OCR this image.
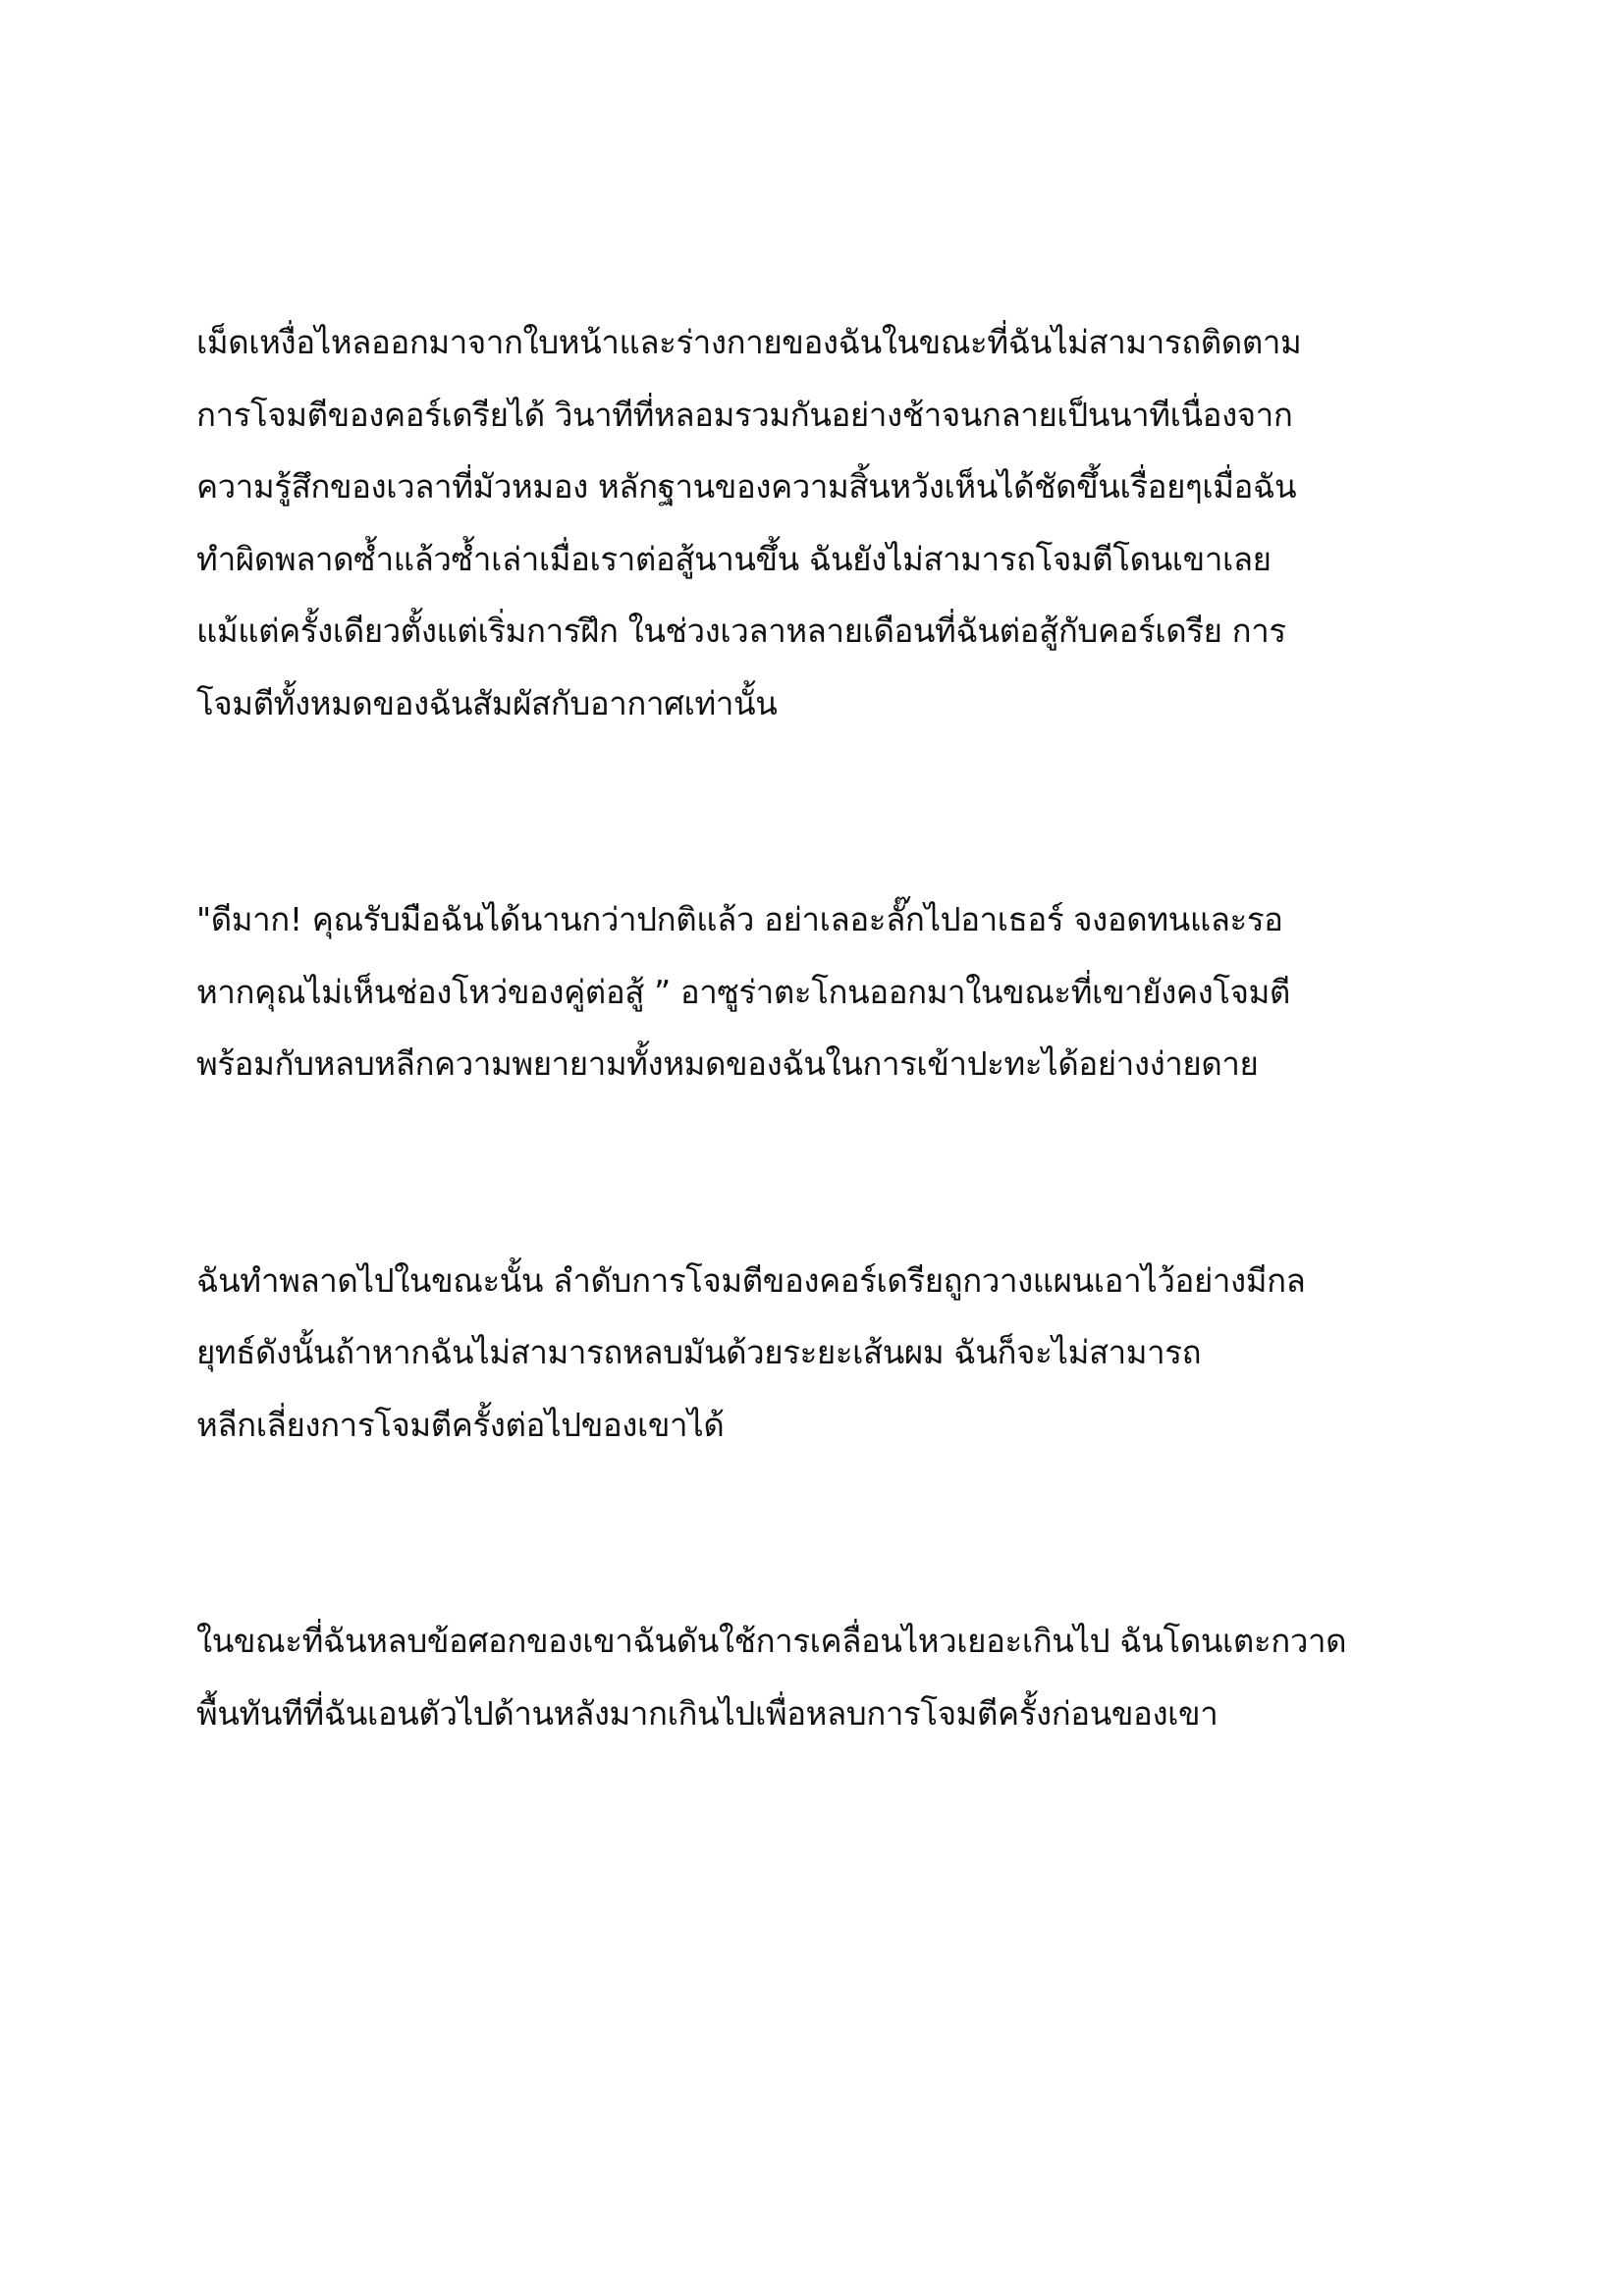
เม็ดเหงื่อไหลออกมาจากใบหน้าและร่างกายของฉันในขณะที่ฉันไม่สามารถติดตาม
การโจมตีของคอร์เดรียได้ วินาทีที่หลอมรวมกันอย่างช้าจนกลายเป็นนาทีเนื่องจาก
ความรู้สึกของเวลาที่มัวหมอง หลักฐานของความสิ้นหวังเห็นได้ชัดขึ้นเรื่อยๆเมื่อฉัน
ทำผิดพลาดซ้ำแล้วซ้ำเล่าเมื่อเราต่อสู้นานขึ้น ฉันยังไม่สามารถโจมตีโดนเขาเลย
แม้แต่ครั้งเดียวตั้งแต่เริ่มการฝึก ในช่วงเวลาหลายเดือนที่ฉันต่อสู้กับคอร์เดรีย การ
โจมตีทั้งหมดของฉันสัมผัสกับอากาศเท่านั้น
"ดีมาก! คุณรับมือฉันได้นานกว่าปกติแล้ว อย่าเลอะลั๊กไปอาเธอร์ จงอดทนและรอ
หากคุณไม่เห็นช่องโหว่ของคู่ต่อสู้ ” อาซูร่าตะโกนออกมาในขณะที่เขายังคงโจมตี
พร้อมกับหลบหลีกความพยายามทั้งหมดของฉันในการเข้าปะทะได้อย่างง่ายดาย
ฉันทำพลาดไปในขณะนั้น ลำดับการโจมตีของคอร์เดรียถูกวางแผนเอาไว้อย่างมีกล
ยุทธ์ดังนั้นถ้าหากฉันไม่สามารถหลบมันด้วยระยะเส้นผม ฉันก็จะไม่สามารถ
หลีกเลี่ยงการโจมตีครั้งต่อไปของเขาได้
ในขณะที่ฉันหลบข้อศอกของเขาฉันดันใช้การเคลื่อนไหวเยอะเกินไป ฉันโดนเตะกวาด
พื้นทันทีที่ฉันเอนตัวไปด้านหลังมากเกินไปเพื่อหลบการโจมตีครั้งก่อนของเขา
